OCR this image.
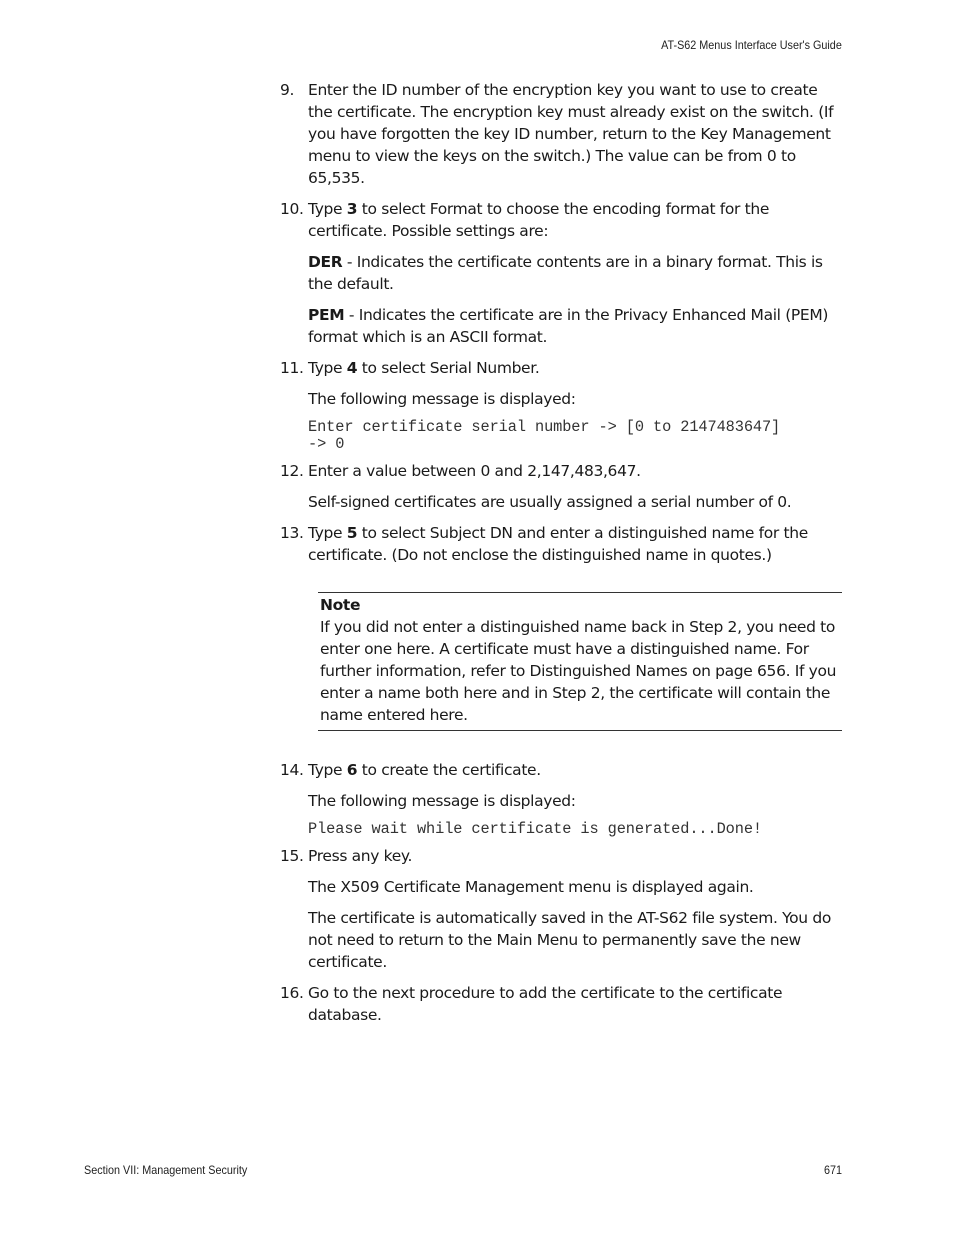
AT-S62 Menus Interface User's Guide
9. Enter the ID number of the encryption key you want to use to create the certificate. The encryption key must already exist on the switch. (If you have forgotten the key ID number, return to the Key Management menu to view the keys on the switch.) The value can be from 0 to 65,535.
10. Type 3 to select Format to choose the encoding format for the certificate. Possible settings are:
DER - Indicates the certificate contents are in a binary format. This is the default.
PEM - Indicates the certificate are in the Privacy Enhanced Mail (PEM) format which is an ASCII format.
11. Type 4 to select Serial Number.
The following message is displayed:
Enter certificate serial number -> [0 to 2147483647]
-> 0
12. Enter a value between 0 and 2,147,483,647.
Self-signed certificates are usually assigned a serial number of 0.
13. Type 5 to select Subject DN and enter a distinguished name for the certificate. (Do not enclose the distinguished name in quotes.)
Note
If you did not enter a distinguished name back in Step 2, you need to enter one here. A certificate must have a distinguished name. For further information, refer to Distinguished Names on page 656. If you enter a name both here and in Step 2, the certificate will contain the name entered here.
14. Type 6 to create the certificate.
The following message is displayed:
Please wait while certificate is generated...Done!
15. Press any key.
The X509 Certificate Management menu is displayed again.
The certificate is automatically saved in the AT-S62 file system. You do not need to return to the Main Menu to permanently save the new certificate.
16. Go to the next procedure to add the certificate to the certificate database.
Section VII: Management Security	671
